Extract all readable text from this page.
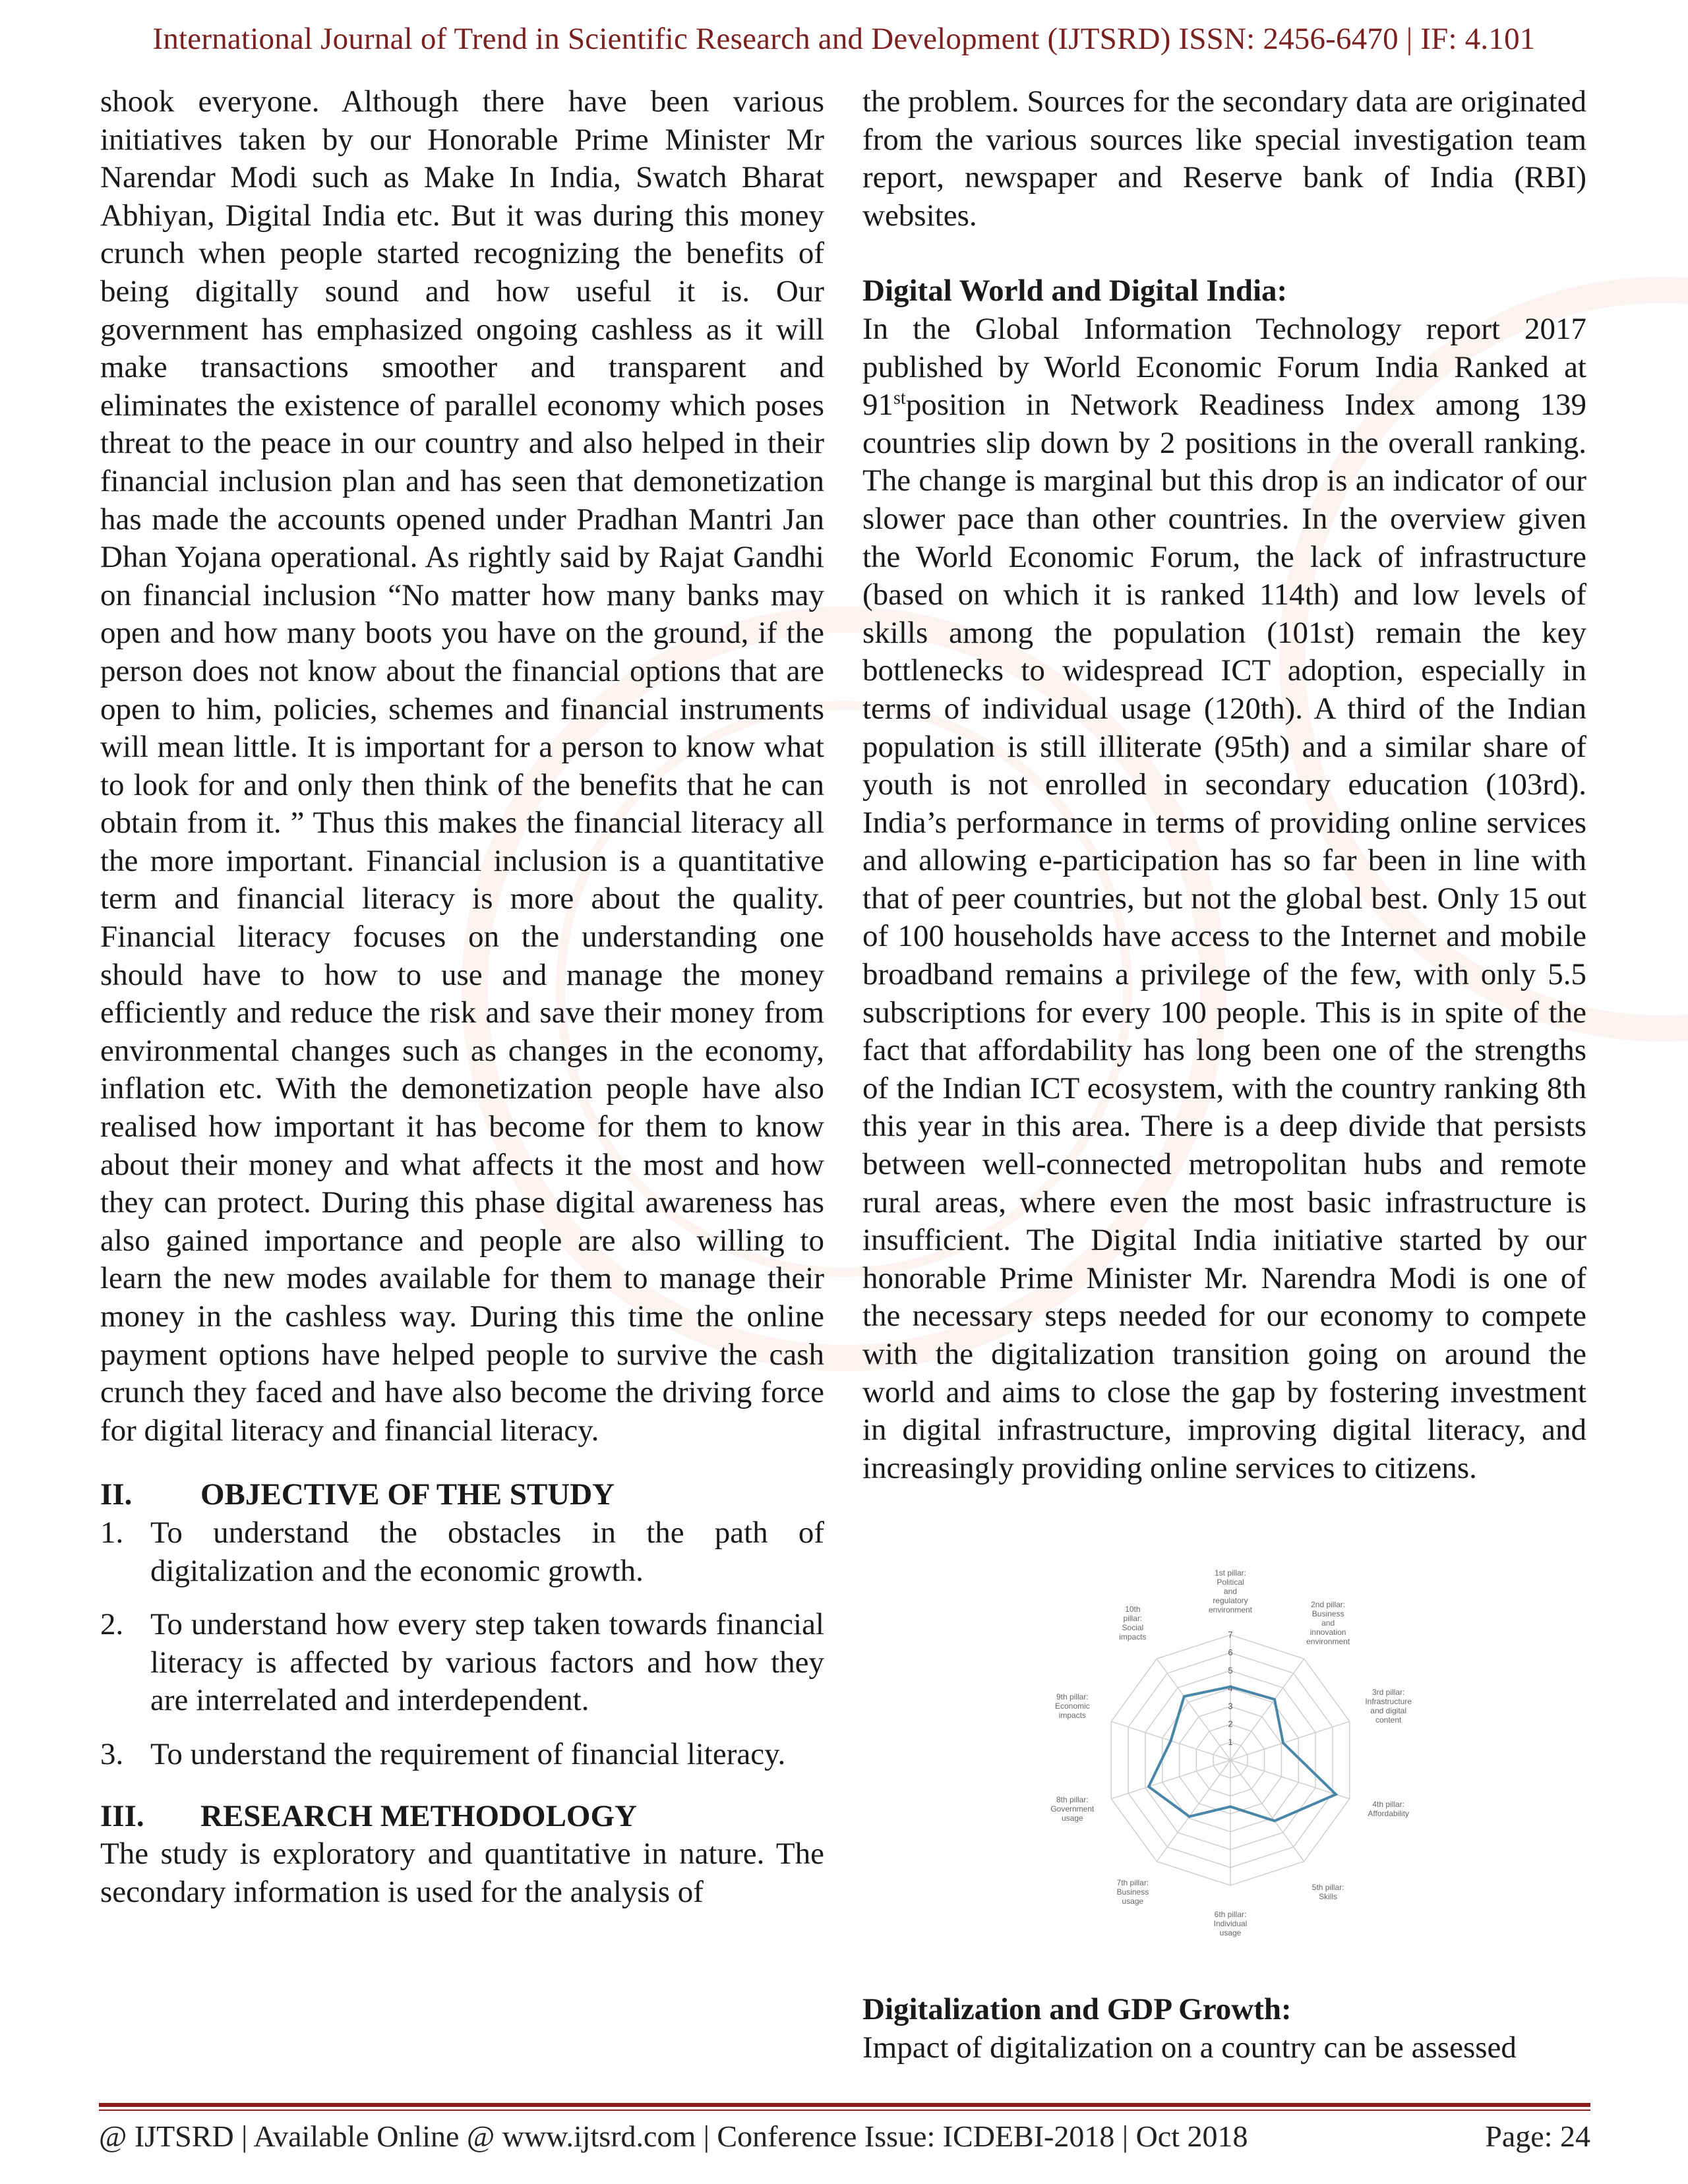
International Journal of Trend in Scientific Research and Development (IJTSRD) ISSN: 2456-6470 | IF: 4.101

shook everyone. Although there have been various initiatives taken by our Honorable Prime Minister Mr Narendar Modi such as Make In India, Swatch Bharat Abhiyan, Digital India etc. But it was during this money crunch when people started recognizing the benefits of being digitally sound and how useful it is. Our government has emphasized ongoing cashless as it will make transactions smoother and transparent and eliminates the existence of parallel economy which poses threat to the peace in our country and also helped in their financial inclusion plan and has seen that demonetization has made the accounts opened under Pradhan Mantri Jan Dhan Yojana operational. As rightly said by Rajat Gandhi on financial inclusion “No matter how many banks may open and how many boots you have on the ground, if the person does not know about the financial options that are open to him, policies, schemes and financial instruments will mean little. It is important for a person to know what to look for and only then think of the benefits that he can obtain from it. ” Thus this makes the financial literacy all the more important. Financial inclusion is a quantitative term and financial literacy is more about the quality. Financial literacy focuses on the understanding one should have to how to use and manage the money efficiently and reduce the risk and save their money from environmental changes such as changes in the economy, inflation etc. With the demonetization people have also realised how important it has become for them to know about their money and what affects it the most and how they can protect. During this phase digital awareness has also gained importance and people are also willing to learn the new modes available for them to manage their money in the cashless way. During this time the online payment options have helped people to survive the cash crunch they faced and have also become the driving force for digital literacy and financial literacy.

II. OBJECTIVE OF THE STUDY
1. To understand the obstacles in the path of digitalization and the economic growth.
2. To understand how every step taken towards financial literacy is affected by various factors and how they are interrelated and interdependent.
3. To understand the requirement of financial literacy.
III. RESEARCH METHODOLOGY

The study is exploratory and quantitative in nature. The secondary information is used for the analysis of

the problem. Sources for the secondary data are originated from the various sources like special investigation team report, newspaper and Reserve bank of India (RBI) websites.

Digital World and Digital India:

In the Global Information Technology report 2017 published by World Economic Forum India Ranked at 91stposition in Network Readiness Index among 139 countries slip down by 2 positions in the overall ranking. The change is marginal but this drop is an indicator of our slower pace than other countries. In the overview given the World Economic Forum, the lack of infrastructure (based on which it is ranked 114th) and low levels of skills among the population (101st) remain the key bottlenecks to widespread ICT adoption, especially in terms of individual usage (120th). A third of the Indian population is still illiterate (95th) and a similar share of youth is not enrolled in secondary education (103rd). India’s performance in terms of providing online services and allowing e-participation has so far been in line with that of peer countries, but not the global best. Only 15 out of 100 households have access to the Internet and mobile broadband remains a privilege of the few, with only 5.5 subscriptions for every 100 people. This is in spite of the fact that affordability has long been one of the strengths of the Indian ICT ecosystem, with the country ranking 8th this year in this area. There is a deep divide that persists between well-connected metropolitan hubs and remote rural areas, where even the most basic infrastructure is insufficient. The Digital India initiative started by our honorable Prime Minister Mr. Narendra Modi is one of the necessary steps needed for our economy to compete with the digitalization transition going on around the world and aims to close the gap by fostering investment in digital infrastructure, improving digital literacy, and increasingly providing online services to citizens.

1
2
3
4
5
6
7
1st pillar: Political and regulatory environment
2nd pillar: Business and innovation environment
3rd pillar: Infrastructure and digital content
4th pillar: Affordability
5th pillar: Skills
6th pillar: Individual usage
7th pillar: Business usage
8th pillar: Government usage
9th pillar: Economic impacts
10th pillar: Social impacts
Digitalization and GDP Growth:

Impact of digitalization on a country can be assessed

@ IJTSRD | Available Online @ www.ijtsrd.com | Conference Issue: ICDEBI-2018 | Oct 2018	Page: 24
